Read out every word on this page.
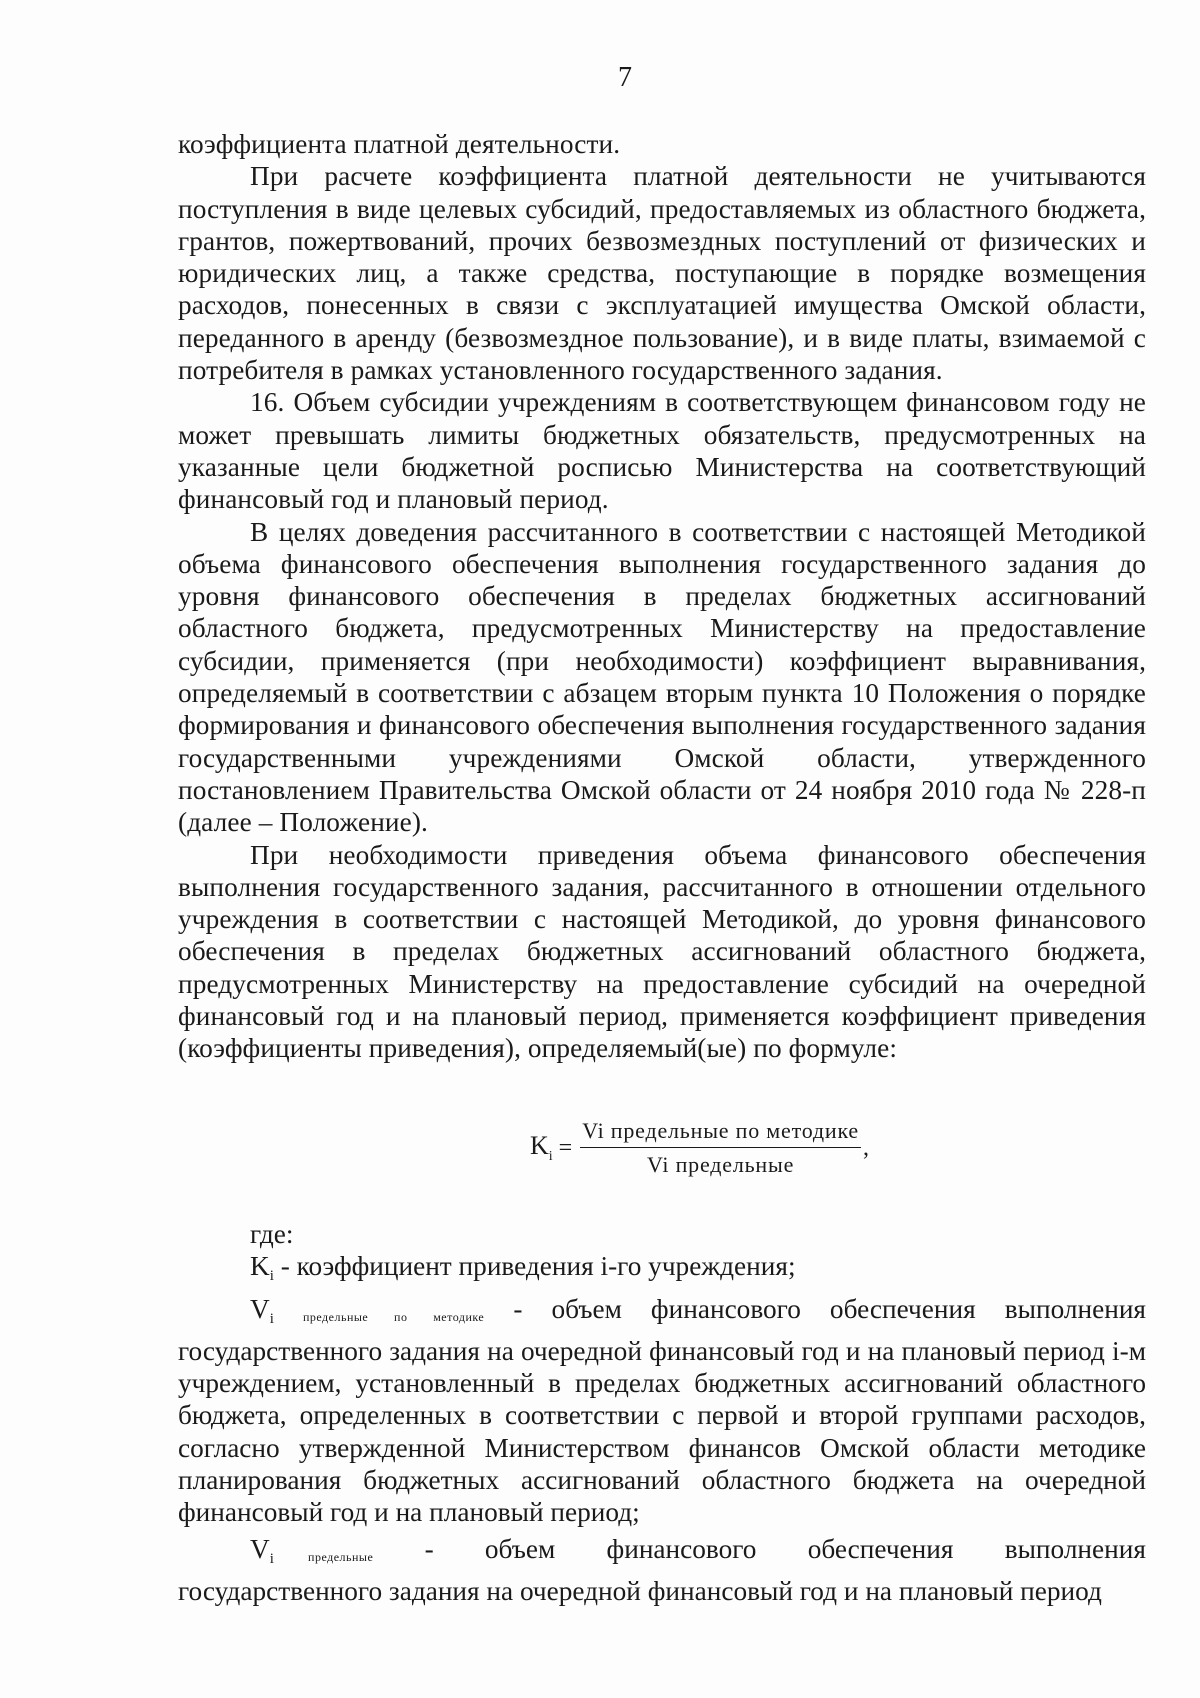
7

коэффициента платной деятельности.

При расчете коэффициента платной деятельности не учитываются поступления в виде целевых субсидий, предоставляемых из областного бюджета, грантов, пожертвований, прочих безвозмездных поступлений от физических и юридических лиц, а также средства, поступающие в порядке возмещения расходов, понесенных в связи с эксплуатацией имущества Омской области, переданного в аренду (безвозмездное пользование), и в виде платы, взимаемой с потребителя в рамках установленного государственного задания.

16. Объем субсидии учреждениям в соответствующем финансовом году не может превышать лимиты бюджетных обязательств, предусмотренных на указанные цели бюджетной росписью Министерства на соответствующий финансовый год и плановый период.

В целях доведения рассчитанного в соответствии с настоящей Методикой объема финансового обеспечения выполнения государственного задания до уровня финансового обеспечения в пределах бюджетных ассигнований областного бюджета, предусмотренных Министерству на предоставление субсидии, применяется (при необходимости) коэффициент выравнивания, определяемый в соответствии с абзацем вторым пункта 10 Положения о порядке формирования и финансового обеспечения выполнения государственного задания государственными учреждениями Омской области, утвержденного постановлением Правительства Омской области от 24 ноября 2010 года № 228-п (далее – Положение).

При необходимости приведения объема финансового обеспечения выполнения государственного задания, рассчитанного в отношении отдельного учреждения в соответствии с настоящей Методикой, до уровня финансового обеспечения в пределах бюджетных ассигнований областного бюджета, предусмотренных Министерству на предоставление субсидий на очередной финансовый год и на плановый период, применяется коэффициент приведения (коэффициенты приведения), определяемый(ые) по формуле:

$K_i = \frac{\text{Vi предельные по методике}}{\text{Vi предельные}}$ ,

где:

Ki - коэффициент приведения i-го учреждения;

Vi предельные по методике - объем финансового обеспечения выполнения государственного задания на очередной финансовый год и на плановый период i-м учреждением, установленный в пределах бюджетных ассигнований областного бюджета, определенных в соответствии с первой и второй группами расходов, согласно утвержденной Министерством финансов Омской области методике планирования бюджетных ассигнований областного бюджета на очередной финансовый год и на плановый период;

Vi	предельные - объем финансового обеспечения выполнения

государственного задания на очередной финансовый год и на плановый период
